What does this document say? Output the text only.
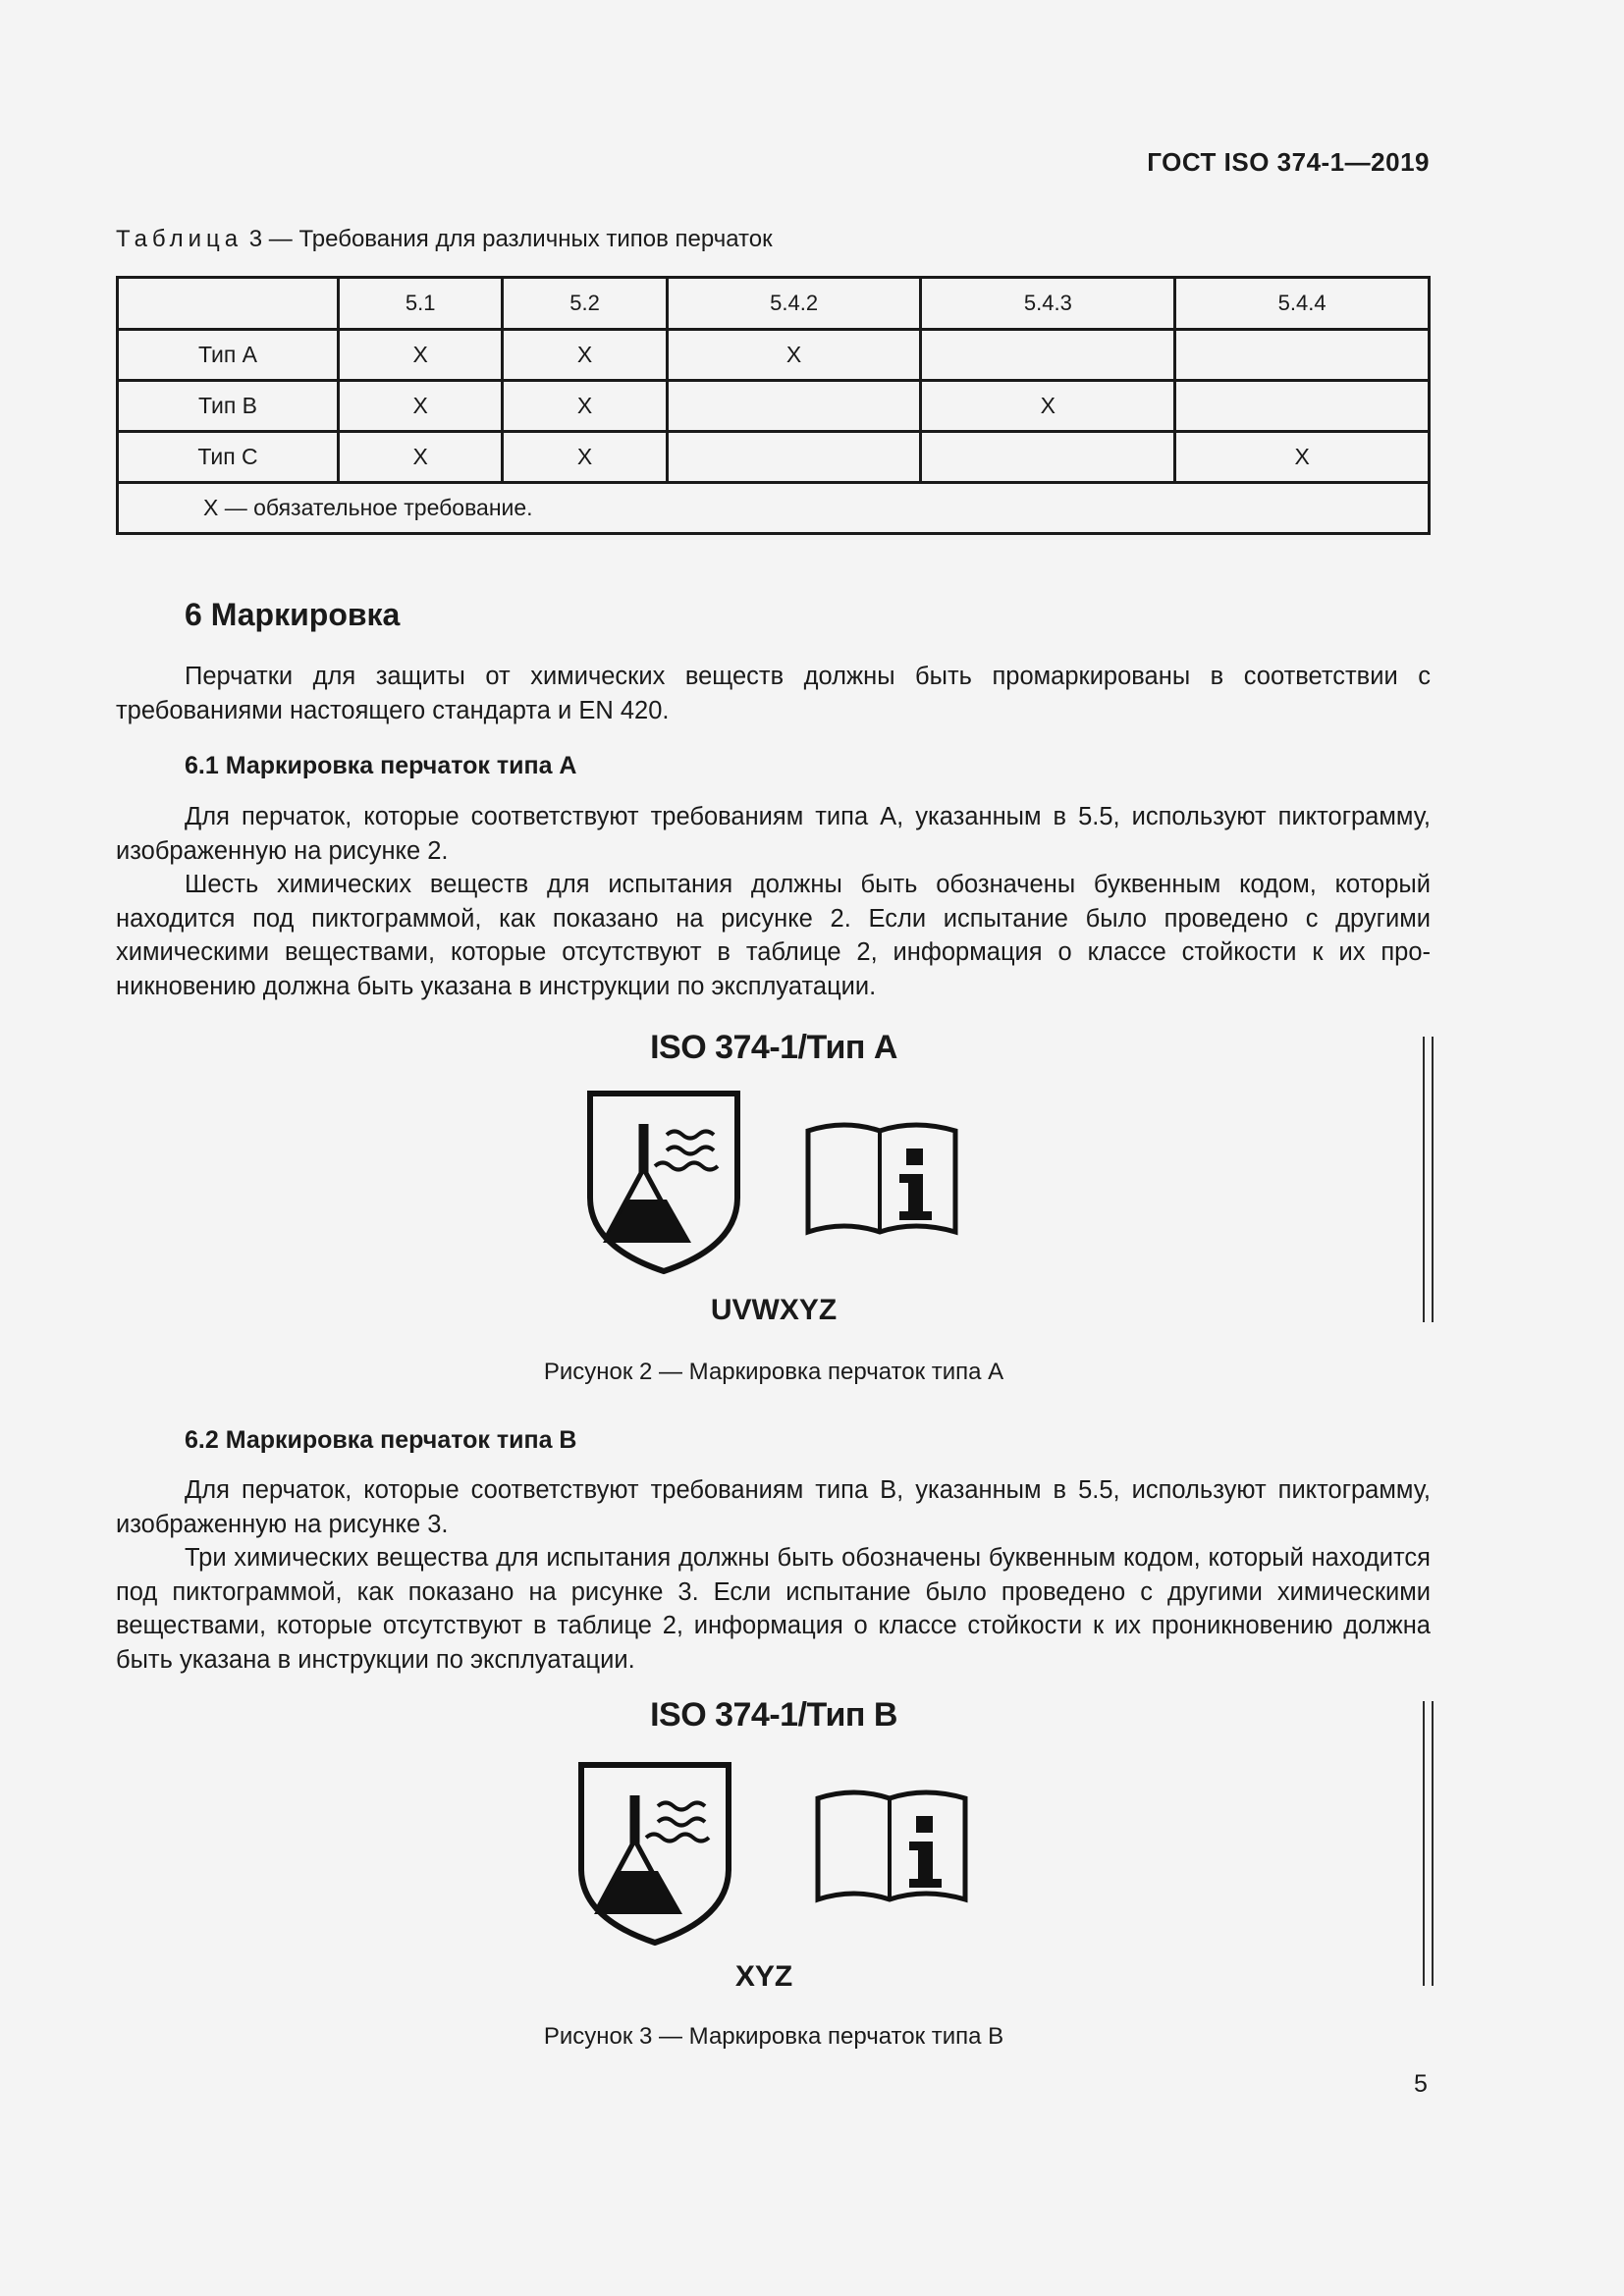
ГОСТ ISO 374-1—2019
Таблица 3 — Требования для различных типов перчаток
	5.1	5.2	5.4.2	5.4.3	5.4.4
Тип A	X	X	X		
Тип B	X	X		X	
Тип C	X	X			X
X — обязательное требование.					
6 Маркировка

Перчатки для защиты от химических веществ должны быть промаркированы в соответствии с требованиями настоящего стандарта и EN 420.

6.1 Маркировка перчаток типа A

Для перчаток, которые соответствуют требованиям типа A, указанным в 5.5, используют пиктограмму, изображенную на рисунке 2.

Шесть химических веществ для испытания должны быть обозначены буквенным кодом, который находится под пиктограммой, как показано на рисунке 2. Если испытание было проведено с другими химическими веществами, которые отсутствуют в таблице 2, информация о классе стойкости к их проникновению должна быть указана в инструкции по эксплуатации.

ISO 374-1/Тип A
UVWXYZ
Рисунок 2 — Маркировка перчаток типа A
6.2 Маркировка перчаток типа B

Для перчаток, которые соответствуют требованиям типа B, указанным в 5.5, используют пиктограмму, изображенную на рисунке 3.

Три химических вещества для испытания должны быть обозначены буквенным кодом, который находится под пиктограммой, как показано на рисунке 3. Если испытание было проведено с другими химическими веществами, которые отсутствуют в таблице 2, информация о классе стойкости к их проникновению должна быть указана в инструкции по эксплуатации.

ISO 374-1/Тип B
XYZ
Рисунок 3 — Маркировка перчаток типа B
5
